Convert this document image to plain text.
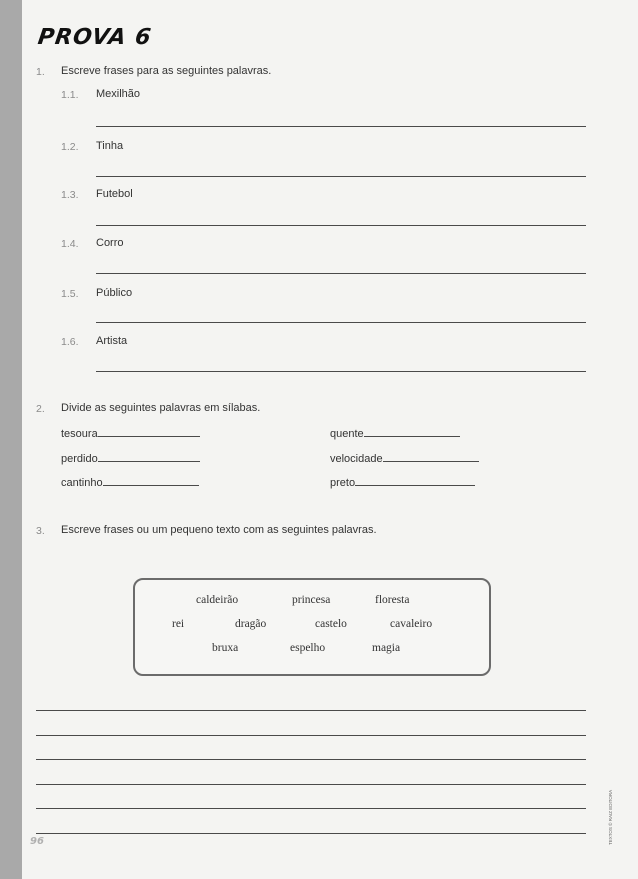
PROVA 6
1. Escreve frases para as seguintes palavras.
1.1. Mexilhão
1.2. Tinha
1.3. Futebol
1.4. Corro
1.5. Público
1.6. Artista
2. Divide as seguintes palavras em sílabas.
tesoura
perdido
cantinho
quente
velocidade
preto
3. Escreve frases ou um pequeno texto com as seguintes palavras.
caldeirão	princesa	floresta
rei	dragão	castelo	cavaleiro
bruxa	espelho	magia
96	TEXTOS © RAIZ EDITORA
